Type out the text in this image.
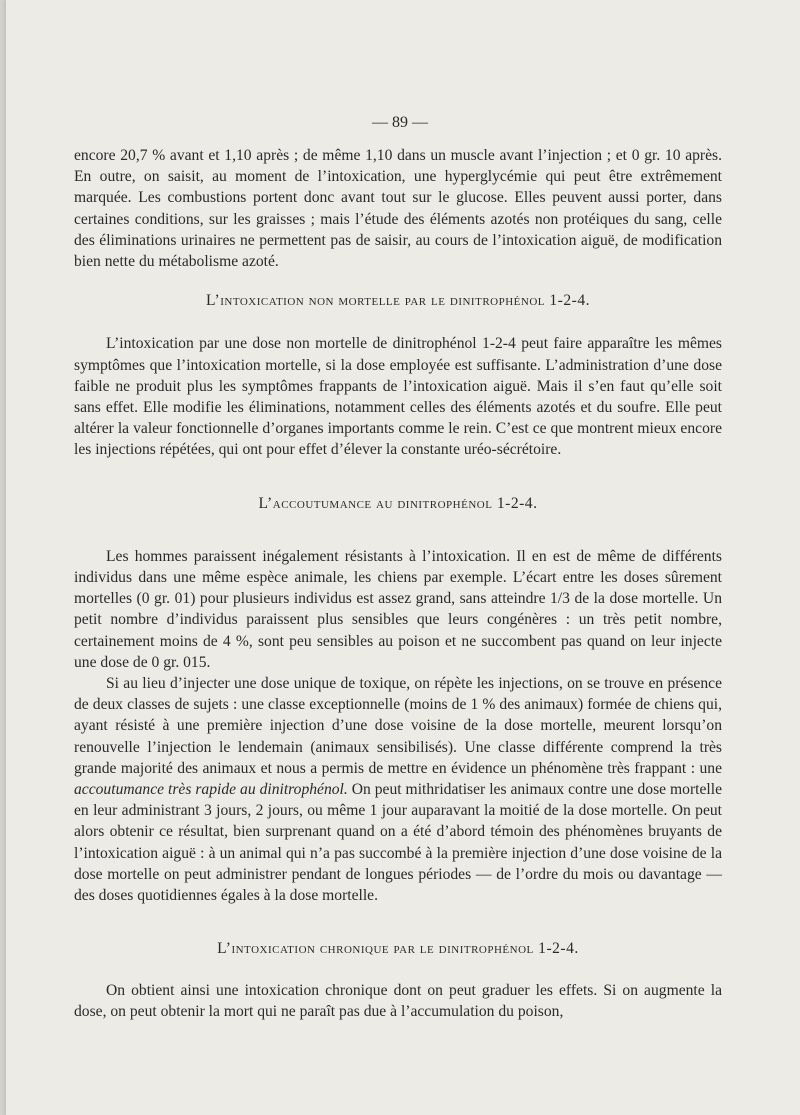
— 89 —

encore 20,7 % avant et 1,10 après ; de même 1,10 dans un muscle avant l’injection ; et 0 gr. 10 après. En outre, on saisit, au moment de l’intoxication, une hyperglycémie qui peut être extrêmement marquée. Les combustions portent donc avant tout sur le glucose. Elles peuvent aussi porter, dans certaines conditions, sur les graisses ; mais l’étude des éléments azotés non protéiques du sang, celle des éliminations urinaires ne permettent pas de saisir, au cours de l’intoxication aiguë, de modification bien nette du métabolisme azoté.

L’intoxication non mortelle par le dinitrophénol 1-2-4.

L’intoxication par une dose non mortelle de dinitrophénol 1-2-4 peut faire apparaître les mêmes symptômes que l’intoxication mortelle, si la dose employée est suffisante. L’administration d’une dose faible ne produit plus les symptômes frappants de l’intoxication aiguë. Mais il s’en faut qu’elle soit sans effet. Elle modifie les éliminations, notamment celles des éléments azotés et du soufre. Elle peut altérer la valeur fonctionnelle d’organes importants comme le rein. C’est ce que montrent mieux encore les injections répétées, qui ont pour effet d’élever la constante uréo-sécrétoire.

L’accoutumance au dinitrophénol 1-2-4.

Les hommes paraissent inégalement résistants à l’intoxication. Il en est de même de différents individus dans une même espèce animale, les chiens par exemple. L’écart entre les doses sûrement mortelles (0 gr. 01) pour plusieurs individus est assez grand, sans atteindre 1/3 de la dose mortelle. Un petit nombre d’individus paraissent plus sensibles que leurs congénères : un très petit nombre, certainement moins de 4 %, sont peu sensibles au poison et ne succombent pas quand on leur injecte une dose de 0 gr. 015.

Si au lieu d’injecter une dose unique de toxique, on répète les injections, on se trouve en présence de deux classes de sujets : une classe exceptionnelle (moins de 1 % des animaux) formée de chiens qui, ayant résisté à une première injection d’une dose voisine de la dose mortelle, meurent lorsqu’on renouvelle l’injection le lendemain (animaux sensibilisés). Une classe différente comprend la très grande majorité des animaux et nous a permis de mettre en évidence un phénomène très frappant : une accoutumance très rapide au dinitrophénol. On peut mithridatiser les animaux contre une dose mortelle en leur administrant 3 jours, 2 jours, ou même 1 jour auparavant la moitié de la dose mortelle. On peut alors obtenir ce résultat, bien surprenant quand on a été d’abord témoin des phénomènes bruyants de l’intoxication aiguë : à un animal qui n’a pas succombé à la première injection d’une dose voisine de la dose mortelle on peut administrer pendant de longues périodes — de l’ordre du mois ou davantage — des doses quotidiennes égales à la dose mortelle.

L’intoxication chronique par le dinitrophénol 1-2-4.

On obtient ainsi une intoxication chronique dont on peut graduer les effets. Si on augmente la dose, on peut obtenir la mort qui ne paraît pas due à l’accumulation du poison,
